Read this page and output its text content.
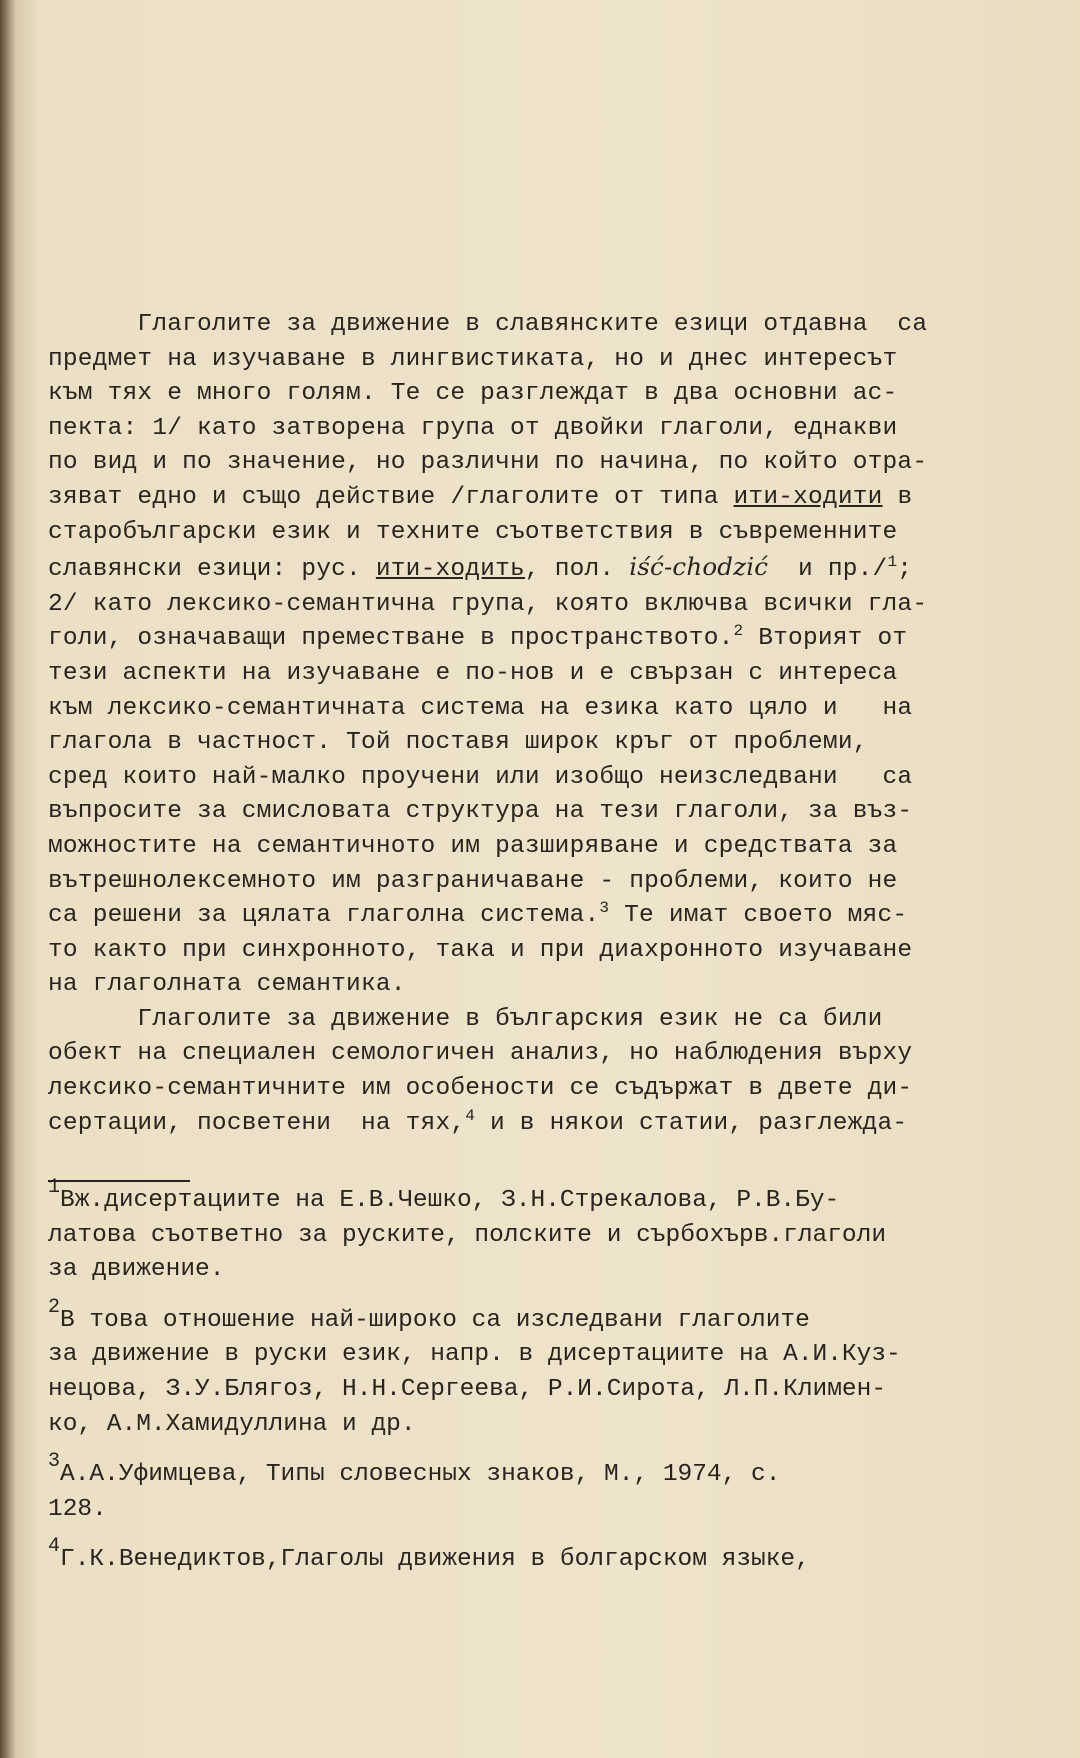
Глаголите за движение в славянските езици отдавна  са
предмет на изучаване в лингвистиката, но и днес интересът
към тях е много голям. Те се разглеждат в два основни ас-
пекта: 1/ като затворена група от двойки глаголи, еднакви
по вид и по значение, но различни по начина, по който отра-
зяват едно и също действие /глаголите от типа ити-ходити в
старобългарски език и техните съответствия в съвременните
славянски езици: рус. ити-ходить, пол. iść-chodzić  и пр./$^1$;
2/ като лексико-семантична група, която включва всички гла-
голи, означаващи преместване в пространството.$^2$ Вторият от
тези аспекти на изучаване е по-нов и е свързан с интереса
към лексико-семантичната система на езика като цяло и   на
глагола в частност. Той поставя широк кръг от проблеми,
сред които най-малко проучени или изобщо неизследвани   са
въпросите за смисловата структура на тези глаголи, за въз-
можностите на семантичното им разширяване и средствата за
вътрешнолексемното им разграничаване - проблеми, които не
са решени за цялата глаголна система.$^3$ Те имат своето мяс-
то както при синхронното, така и при диахронното изучаване
на глаголната семантика.
Глаголите за движение в българския език не са били
обект на специален семологичен анализ, но наблюдения върху
лексико-семантичните им особености се съдържат в двете ди-
сертации, посветени  на тях,$^4$ и в някои статии, разглежда-
$^1$Вж.дисертациите на Е.В.Чешко, З.Н.Стрекалова, Р.В.Бу-
латова съответно за руските, полските и сърбохърв.глаголи
за движение.
$^2$В това отношение най-широко са изследвани глаголите
за движение в руски език, напр. в дисертациите на А.И.Куз-
нецова, З.У.Блягоз, Н.Н.Сергеева, Р.И.Сирота, Л.П.Климен-
ко, А.М.Хамидуллина и др.
$^3$А.А.Уфимцева, Типы словесных знаков, М., 1974, с.
128.
$^4$Г.К.Венедиктов,Глаголы движения в болгарском языке,
